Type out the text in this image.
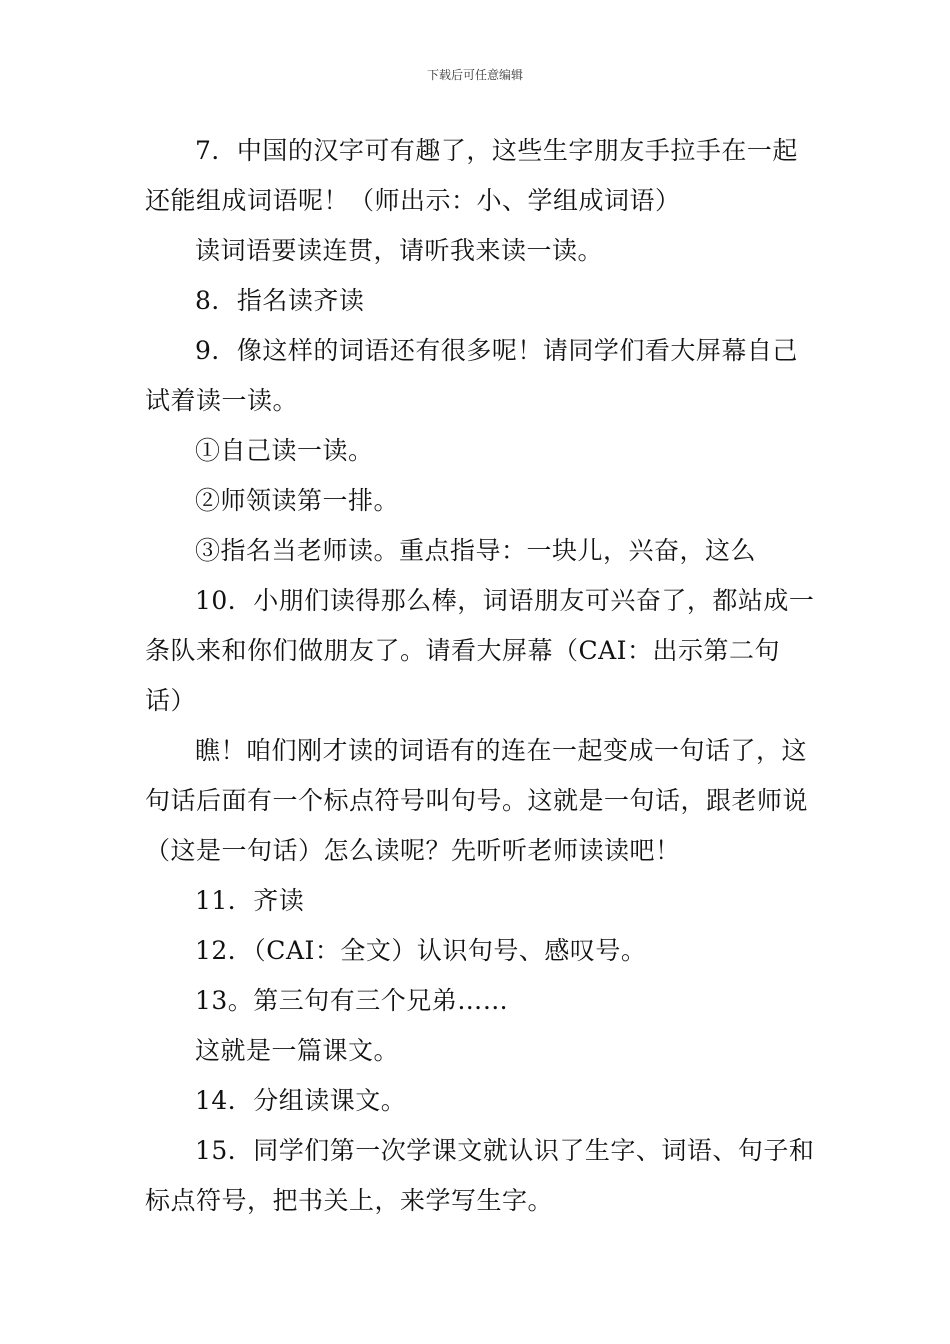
下载后可任意编辑

7．中国的汉字可有趣了，这些生字朋友手拉手在一起还能组成词语呢！（师出示：小、学组成词语）

读词语要读连贯，请听我来读一读。

8．指名读齐读

9．像这样的词语还有很多呢！请同学们看大屏幕自己试着读一读。

①自己读一读。

②师领读第一排。

③指名当老师读。重点指导：一块儿，兴奋，这么

10．小朋们读得那么棒，词语朋友可兴奋了，都站成一条队来和你们做朋友了。请看大屏幕（CAI：出示第二句话）

瞧！咱们刚才读的词语有的连在一起变成一句话了，这句话后面有一个标点符号叫句号。这就是一句话，跟老师说（这是一句话）怎么读呢？先听听老师读读吧！

11．齐读

12．（CAI：全文）认识句号、感叹号。

13。第三句有三个兄弟……

这就是一篇课文。

14．分组读课文。

15．同学们第一次学课文就认识了生字、词语、句子和标点符号，把书关上，来学写生字。
